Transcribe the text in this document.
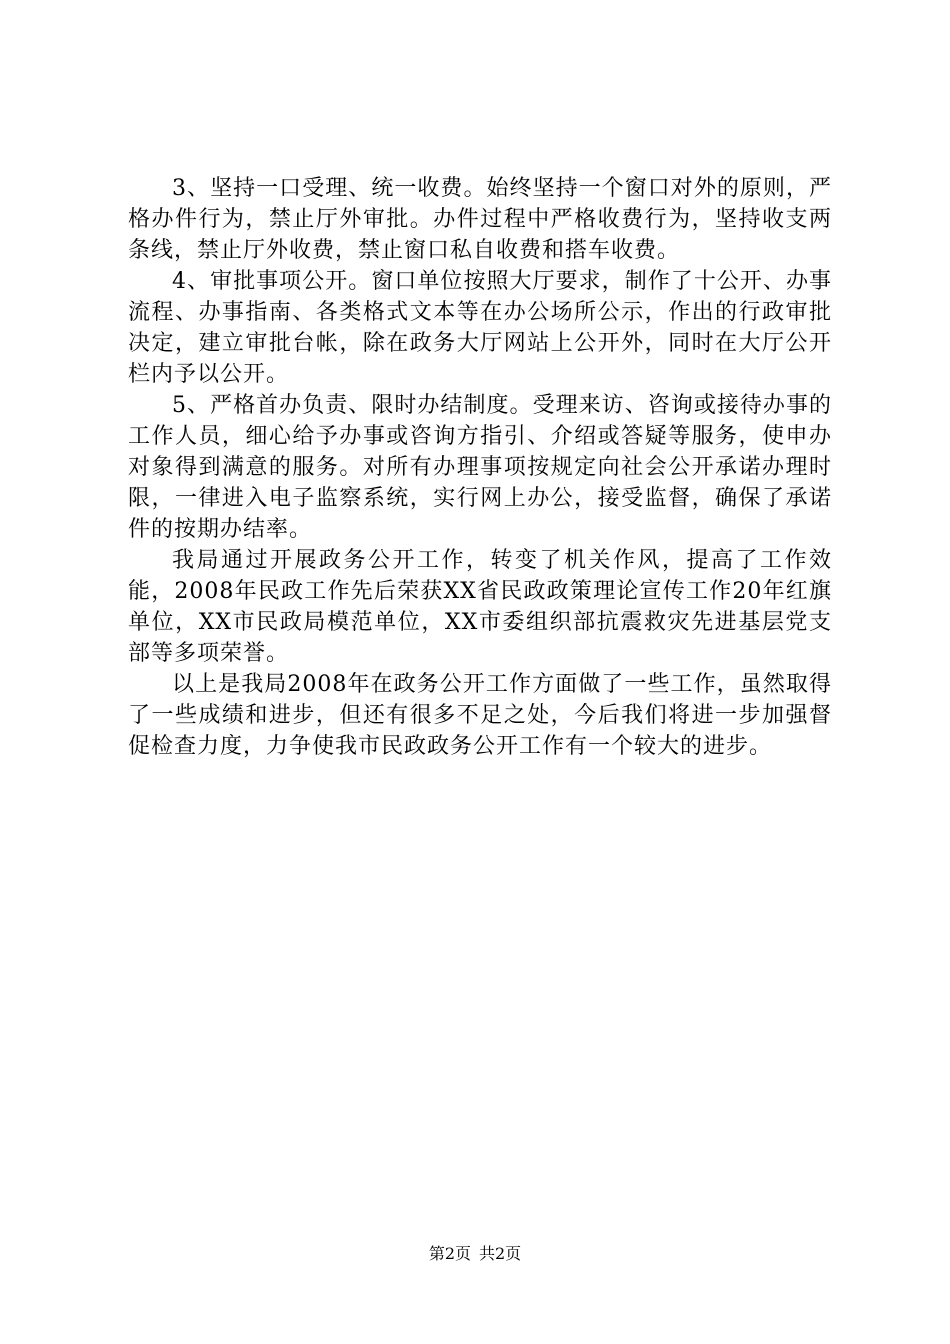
3、坚持一口受理、统一收费。始终坚持一个窗口对外的原则，严格办件行为，禁止厅外审批。办件过程中严格收费行为，坚持收支两条线，禁止厅外收费，禁止窗口私自收费和搭车收费。

4、审批事项公开。窗口单位按照大厅要求，制作了十公开、办事流程、办事指南、各类格式文本等在办公场所公示，作出的行政审批决定，建立审批台帐，除在政务大厅网站上公开外，同时在大厅公开栏内予以公开。

5、严格首办负责、限时办结制度。受理来访、咨询或接待办事的工作人员，细心给予办事或咨询方指引、介绍或答疑等服务，使申办对象得到满意的服务。对所有办理事项按规定向社会公开承诺办理时限，一律进入电子监察系统，实行网上办公，接受监督，确保了承诺件的按期办结率。

我局通过开展政务公开工作，转变了机关作风，提高了工作效能，2008年民政工作先后荣获XX省民政政策理论宣传工作20年红旗单位，XX市民政局模范单位，XX市委组织部抗震救灾先进基层党支部等多项荣誉。

以上是我局2008年在政务公开工作方面做了一些工作，虽然取得了一些成绩和进步，但还有很多不足之处，今后我们将进一步加强督促检查力度，力争使我市民政政务公开工作有一个较大的进步。

第2页 共2页
